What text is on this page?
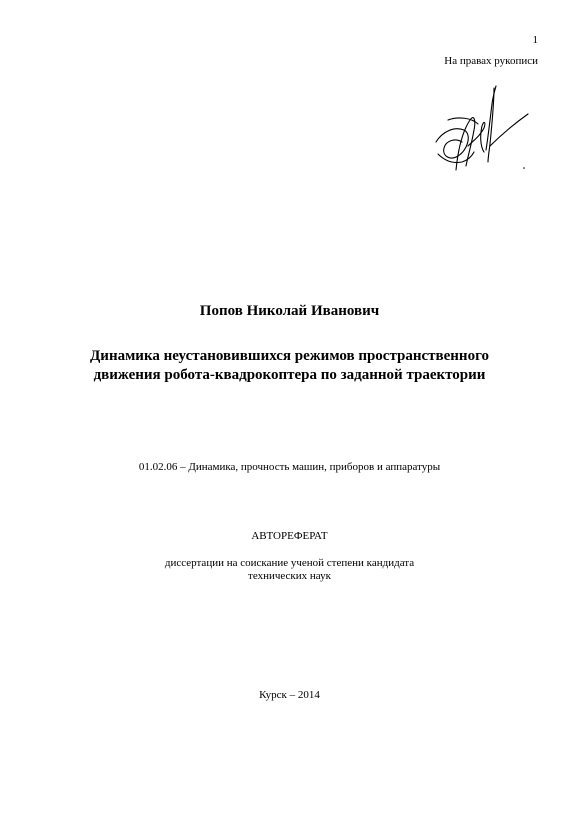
1
На правах рукописи
Попов Николай Иванович
Динамика неустановившихся режимов пространственного
движения робота-квадрокоптера по заданной траектории
01.02.06 – Динамика, прочность машин, приборов и аппаратуры
АВТОРЕФЕРАТ
диссертации на соискание ученой степени кандидата
технических наук
Курск – 2014
